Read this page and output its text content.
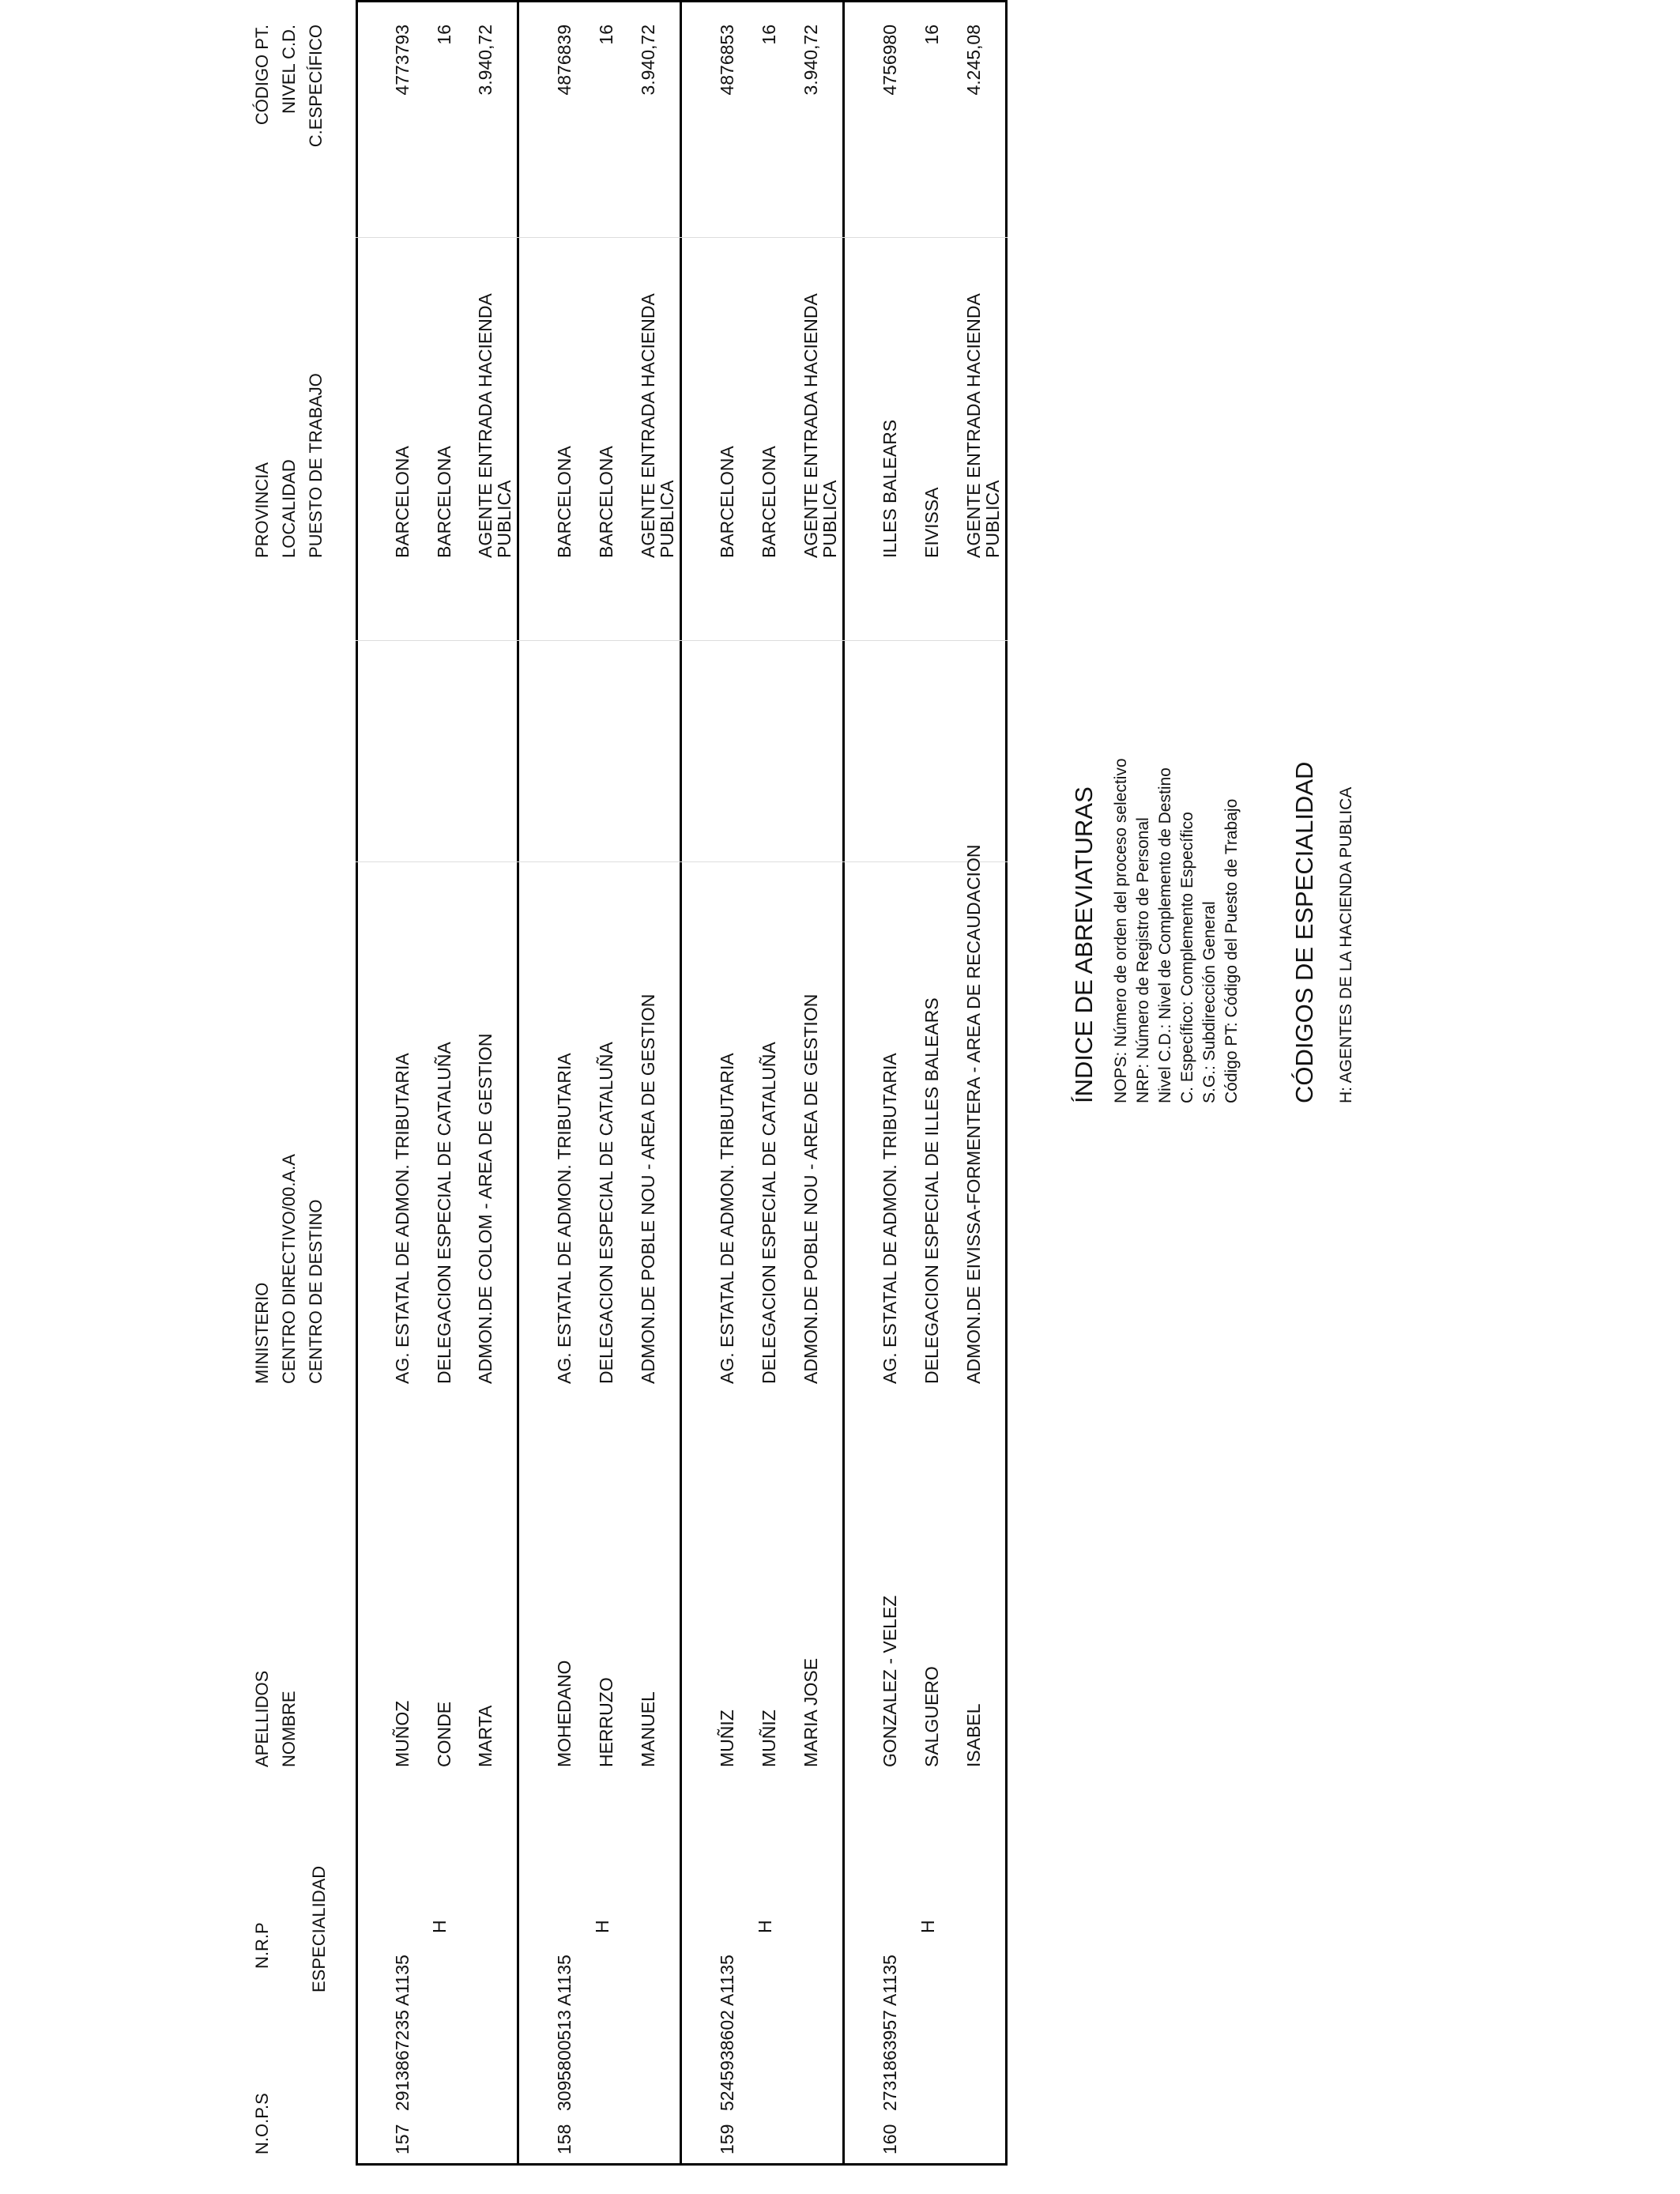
N.O.P.S
N.R.P ESPECIALIDAD
APELLIDOS NOMBRE
MINISTERIO CENTRO DIRECTIVO/00.A.A CENTRO DE DESTINO
PROVINCIA LOCALIDAD PUESTO DE TRABAJO
CÓDIGO PT. NIVEL C.D. C.ESPECÍFICO
157
2913867235 A1135
H
MUÑOZ CONDE MARTA
AG. ESTATAL DE ADMON. TRIBUTARIA DELEGACION ESPECIAL DE CATALUÑA ADMON.DE COLOM - AREA DE GESTION
BARCELONA BARCELONA AGENTE ENTRADA HACIENDA
PUBLICA
4773793 16 3.940,72
158
3095800513 A1135
H
MOHEDANO HERRUZO MANUEL
AG. ESTATAL DE ADMON. TRIBUTARIA DELEGACION ESPECIAL DE CATALUÑA ADMON.DE POBLE NOU - AREA DE GESTION
BARCELONA BARCELONA AGENTE ENTRADA HACIENDA
PUBLICA
4876839 16 3.940,72
159
5245938602 A1135
H
MUÑIZ MUÑIZ MARIA JOSE
AG. ESTATAL DE ADMON. TRIBUTARIA DELEGACION ESPECIAL DE CATALUÑA ADMON.DE POBLE NOU - AREA DE GESTION
BARCELONA BARCELONA AGENTE ENTRADA HACIENDA
PUBLICA
4876853 16 3.940,72
160
2731863957 A1135
H
GONZALEZ - VELEZ SALGUERO ISABEL
AG. ESTATAL DE ADMON. TRIBUTARIA DELEGACION ESPECIAL DE ILLES BALEARS ADMON.DE EIVISSA-FORMENTERA - AREA DE RECAUDACION
ILLES BALEARS EIVISSA AGENTE ENTRADA HACIENDA
PUBLICA
4756980 16 4.245,08
ÍNDICE DE ABREVIATURAS NOPS: Número de orden del proceso selectivo NRP: Número de Registro de Personal Nivel C.D.: Nivel de Complemento de Destino C. Específico: Complemento Específico S.G.: Subdirección General Código PT: Código del Puesto de Trabajo CÓDIGOS DE ESPECIALIDAD H: AGENTES DE LA HACIENDA PUBLICA
